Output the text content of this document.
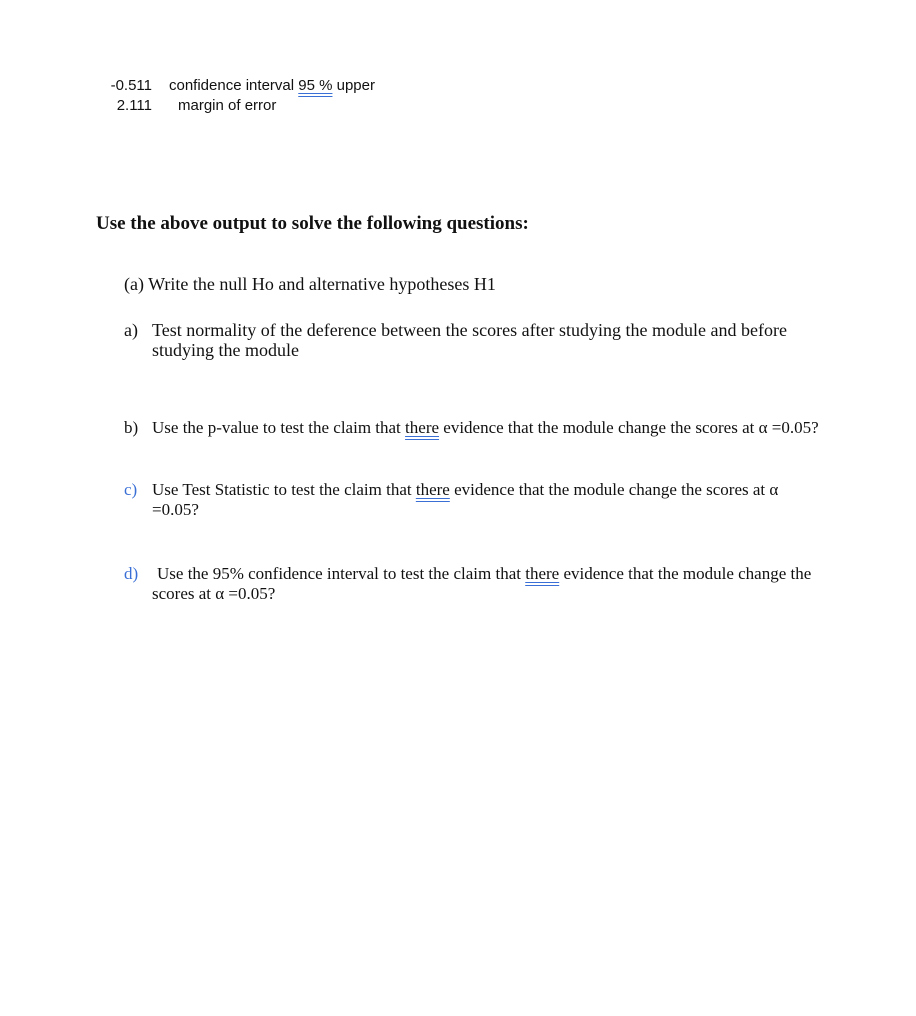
-0.511 confidence interval 95 % upper
2.111 margin of error
Use the above output to solve the following questions:
(a) Write the null Ho and alternative hypotheses H1
a) Test normality of the deference between the scores after studying the module and before
studying the module
b) Use the p-value to test the claim that there evidence that the module change the scores at α =0.05?
c) Use Test Statistic to test the claim that there evidence that the module change the scores at α
=0.05?
d) Use the 95% confidence interval to test the claim that there evidence that the module change the
scores at α =0.05?
